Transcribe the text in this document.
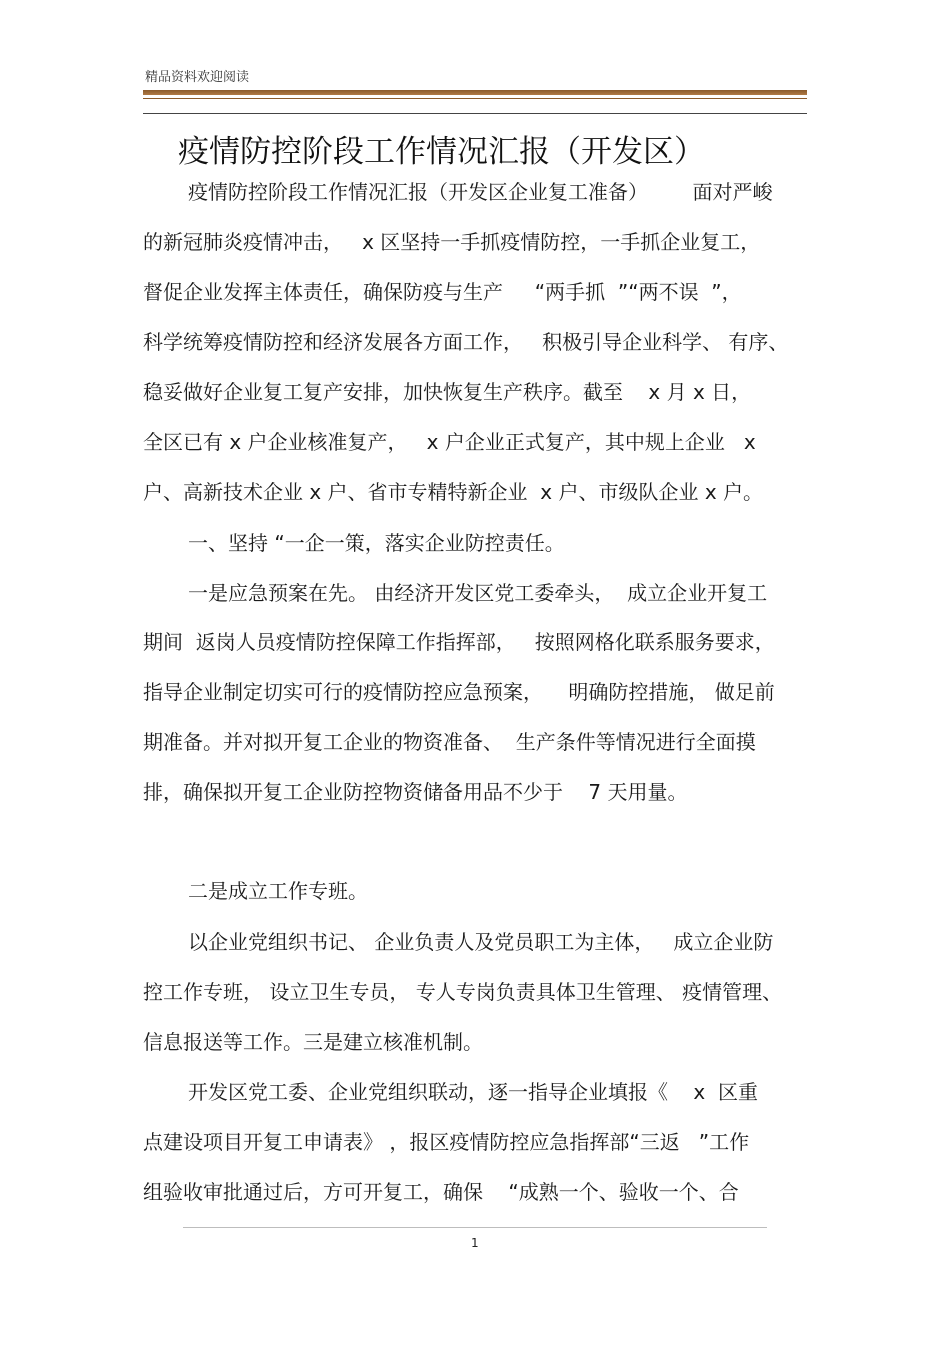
精品资料欢迎阅读
疫情防控阶段工作情况汇报（开发区）
疫情防控阶段工作情况汇报（开发区企业复工准备）       面对严峻
的新冠肺炎疫情冲击，   x 区坚持一手抓疫情防控，一手抓企业复工，
督促企业发挥主体责任，确保防疫与生产     “两手抓  ”“两不误  ”，
科学统筹疫情防控和经济发展各方面工作，   积极引导企业科学、 有序、
稳妥做好企业复工复产安排，加快恢复生产秩序。截至    x 月 x 日，
全区已有 x 户企业核准复产，   x 户企业正式复产，其中规上企业   x
户、高新技术企业 x 户、省市专精特新企业  x 户、市级队企业 x 户。
一、坚持 “一企一策，落实企业防控责任。
一是应急预案在先。 由经济开发区党工委牵头，  成立企业开复工
期间  返岗人员疫情防控保障工作指挥部，   按照网格化联系服务要求，
指导企业制定切实可行的疫情防控应急预案，    明确防控措施， 做足前
期准备。并对拟开复工企业的物资准备、  生产条件等情况进行全面摸
排，确保拟开复工企业防控物资储备用品不少于    7 天用量。
二是成立工作专班。
以企业党组织书记、 企业负责人及党员职工为主体，   成立企业防
控工作专班， 设立卫生专员， 专人专岗负责具体卫生管理、 疫情管理、
信息报送等工作。三是建立核准机制。
开发区党工委、企业党组织联动，逐一指导企业填报《    x  区重
点建设项目开复工申请表》 ，报区疫情防控应急指挥部“三返   ”工作
组验收审批通过后，方可开复工，确保    “成熟一个、验收一个、合
1
